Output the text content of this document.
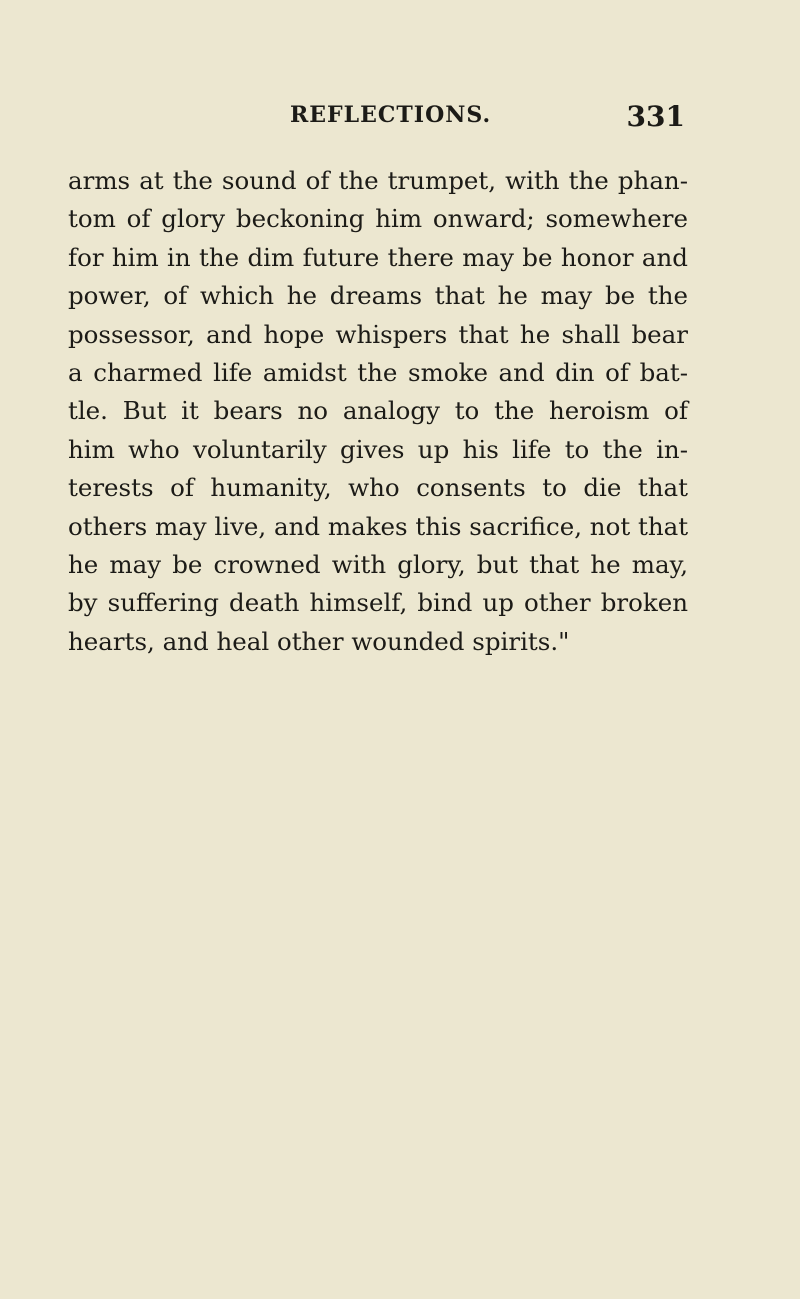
REFLECTIONS.	331
arms at the sound of the trumpet, with the phan-
tom of glory beckoning him onward; somewhere
for him in the dim future there may be honor and
power, of which he dreams that he may be the
possessor, and hope whispers that he shall bear
a charmed life amidst the smoke and din of bat-
tle. But it bears no analogy to the heroism of
him who voluntarily gives up his life to the in-
terests of humanity, who consents to die that
others may live, and makes this sacrifice, not that
he may be crowned with glory, but that he may,
by suffering death himself, bind up other broken
hearts, and heal other wounded spirits."
